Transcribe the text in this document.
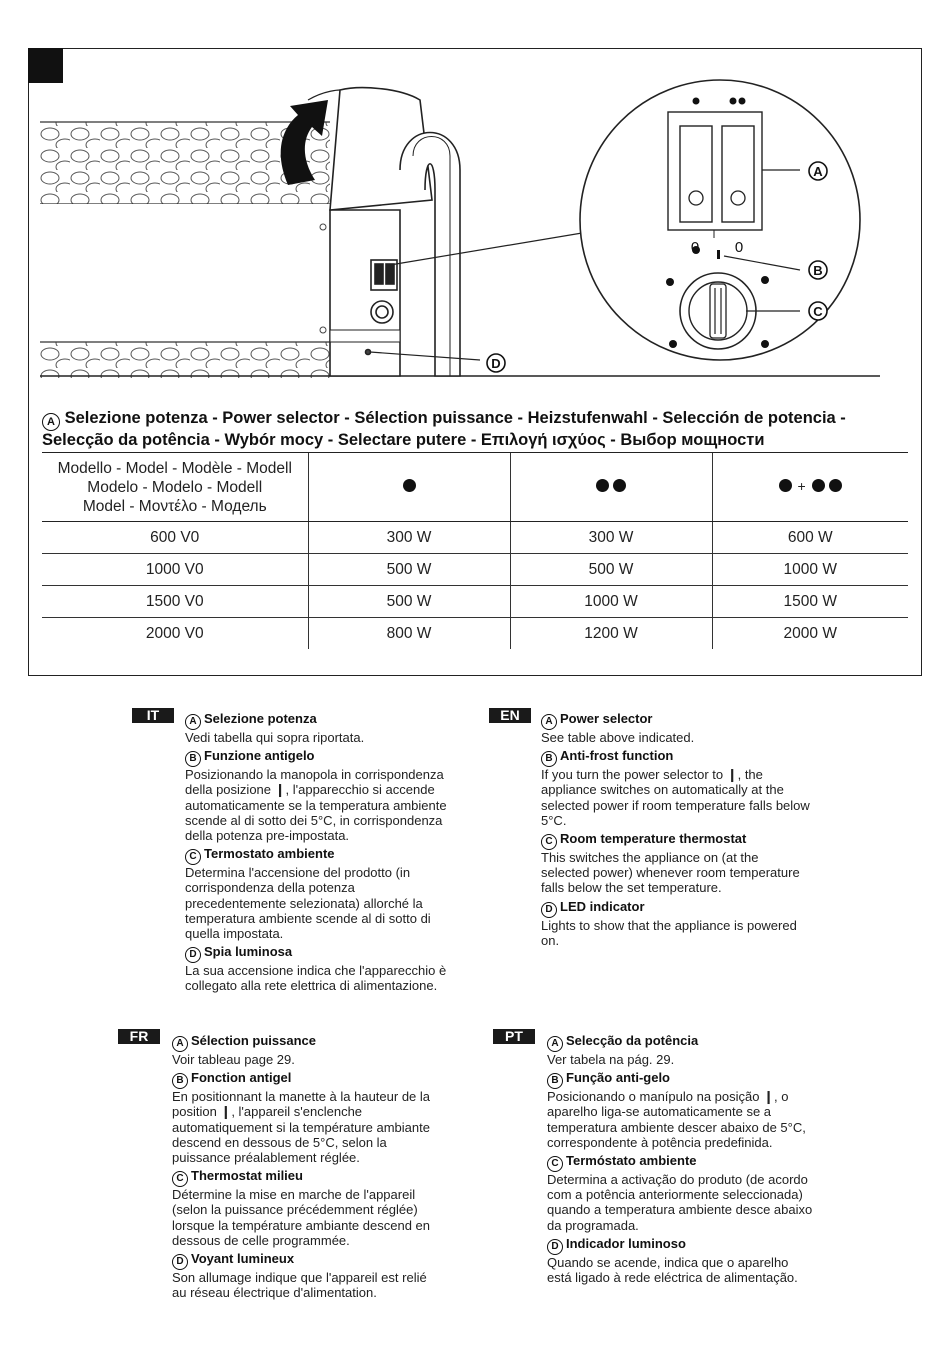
0 0
A
B
C
D
A Selezione potenza - Power selector - Sélection puissance - Heizstufenwahl - Selección de potencia -
Selecção da potência - Wybór mocy - Selectare putere - Επιλογή ισχύος - Выбор мощности
Modello - Model - Modèle - Modell
Modelo - Modelo - Modell
Model - Μοντέλο - Модель			+
600 V0	300 W	300 W	600 W
1000 V0	500 W	500 W	1000 W
1500 V0	500 W	1000 W	1500 W
2000 V0	800 W	1200 W	2000 W
IT	EN
FR	PT
A Selezione potenza
Vedi tabella qui sopra riportata.
B Funzione antigelo
Posizionando la manopola in corrispondenza
della posizione ❙, l'apparecchio si accende
automaticamente se la temperatura ambiente
scende al di sotto dei 5°C, in corrispondenza
della potenza pre-impostata.
C Termostato ambiente
Determina l'accensione del prodotto (in
corrispondenza della potenza
precedentemente selezionata) allorché la
temperatura ambiente scende al di sotto di
quella impostata.
D Spia luminosa
La sua accensione indica che l'apparecchio è
collegato alla rete elettrica di alimentazione.
A Power selector
See table above indicated.
B Anti-frost function
If you turn the power selector to ❙, the
appliance switches on automatically at the
selected power if room temperature falls below
5°C.
C Room temperature thermostat
This switches the appliance on (at the
selected power) whenever room temperature
falls below the set temperature.
D LED indicator
Lights to show that the appliance is powered
on.
A Sélection puissance
Voir tableau page 29.
B Fonction antigel
En positionnant la manette à la hauteur de la
position ❙, l'appareil s'enclenche
automatiquement si la température ambiante
descend en dessous de 5°C, selon la
puissance préalablement réglée.
C Thermostat milieu
Détermine la mise en marche de l'appareil
(selon la puissance précédemment réglée)
lorsque la température ambiante descend en
dessous de celle programmée.
D Voyant lumineux
Son allumage indique que l'appareil est relié
au réseau électrique d'alimentation.
A Selecção da potência
Ver tabela na pág. 29.
B Função anti-gelo
Posicionando o manípulo na posição ❙, o
aparelho liga-se automaticamente se a
temperatura ambiente descer abaixo de 5°C,
correspondente à potência predefinida.
C Termóstato ambiente
Determina a activação do produto (de acordo
com a potência anteriormente seleccionada)
quando a temperatura ambiente desce abaixo
da programada.
D Indicador luminoso
Quando se acende, indica que o aparelho
está ligado à rede eléctrica de alimentação.
